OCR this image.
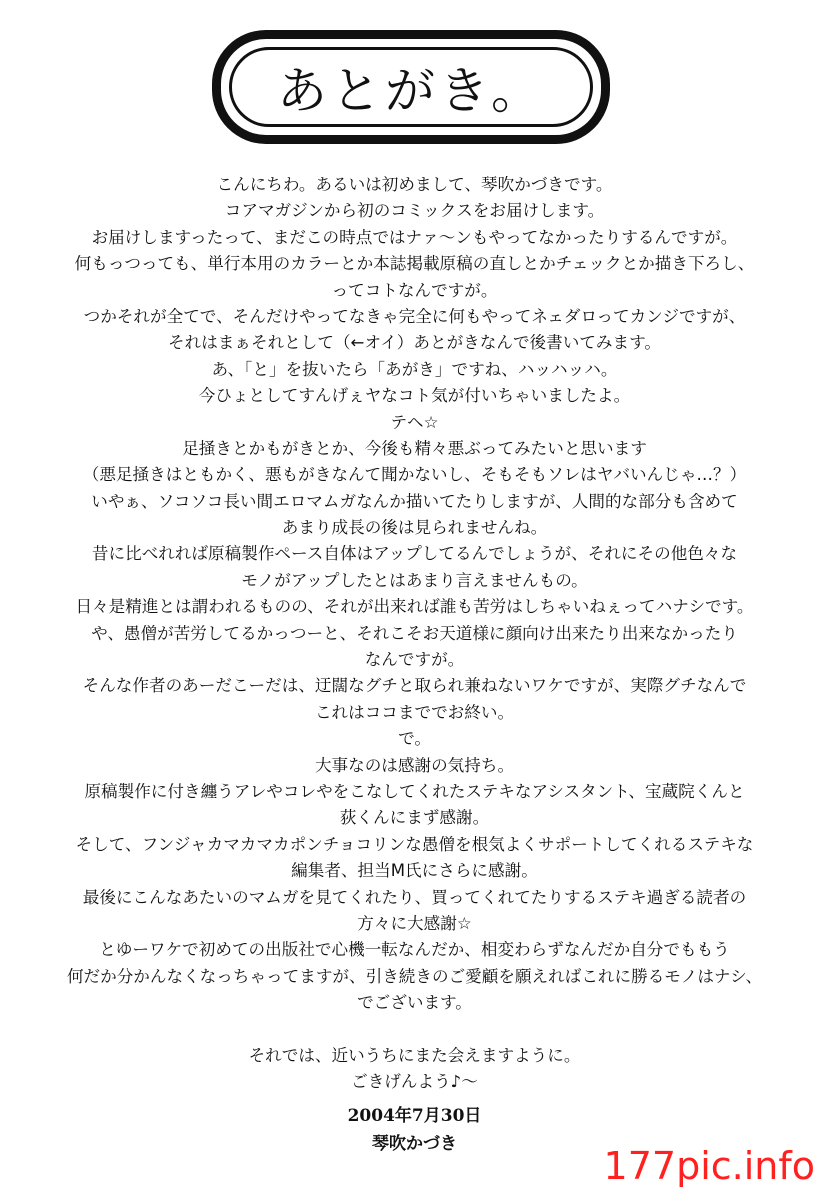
あとがき。
こんにちわ。あるいは初めまして、琴吹かづきです。
コアマガジンから初のコミックスをお届けします。
お届けしますったって、まだこの時点ではナァ～ンもやってなかったりするんですが。
何もっつっても、単行本用のカラーとか本誌掲載原稿の直しとかチェックとか描き下ろし、
ってコトなんですが。
つかそれが全てで、そんだけやってなきゃ完全に何もやってネェダロってカンジですが、
それはまぁそれとして（←オイ）あとがきなんで後書いてみます。
あ、「と」を抜いたら「あがき」ですね、ハッハッハ。
今ひょとしてすんげぇヤなコト気が付いちゃいましたよ。
テヘ☆
足掻きとかもがきとか、今後も精々悪ぶってみたいと思います
（悪足掻きはともかく、悪もがきなんて聞かないし、そもそもソレはヤバいんじゃ…？）
いやぁ、ソコソコ長い間エロマムガなんか描いてたりしますが、人間的な部分も含めて
あまり成長の後は見られませんね。
昔に比べれれば原稿製作ペース自体はアップしてるんでしょうが、それにその他色々な
モノがアップしたとはあまり言えませんもの。
日々是精進とは謂われるものの、それが出来れば誰も苦労はしちゃいねぇってハナシです。
や、愚僧が苦労してるかっつーと、それこそお天道様に顔向け出来たり出来なかったり
なんですが。
そんな作者のあーだこーだは、迂闊なグチと取られ兼ねないワケですが、実際グチなんで
これはココまででお終い。
で。
大事なのは感謝の気持ち。
原稿製作に付き纏うアレやコレやをこなしてくれたステキなアシスタント、宝蔵院くんと
荻くんにまず感謝。
そして、フンジャカマカマカポンチョコリンな愚僧を根気よくサポートしてくれるステキな
編集者、担当M氏にさらに感謝。
最後にこんなあたいのマムガを見てくれたり、買ってくれてたりするステキ過ぎる読者の
方々に大感謝☆
とゆーワケで初めての出版社で心機一転なんだか、相変わらずなんだか自分でももう
何だか分かんなくなっちゃってますが、引き続きのご愛顧を願えればこれに勝るモノはナシ、
でございます。
それでは、近いうちにまた会えますように。
ごきげんよう♪～
2004年7月30日
琴吹かづき	177pic.info
